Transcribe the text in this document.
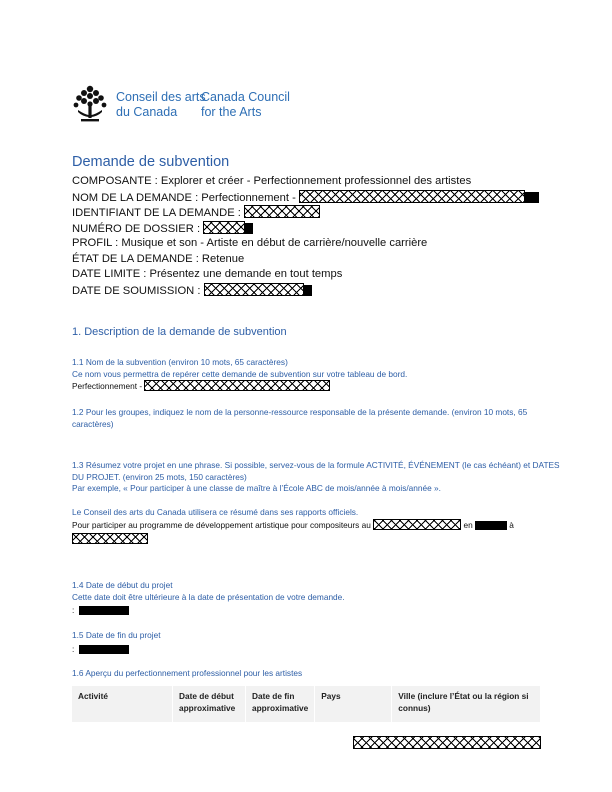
Conseil des arts
du Canada
Canada Council
for the Arts
Demande de subvention
COMPOSANTE : Explorer et créer - Perfectionnement professionnel des artistes
NOM DE LA DEMANDE : Perfectionnement -
IDENTIFIANT DE LA DEMANDE :
NUMÉRO DE DOSSIER :
PROFIL : Musique et son - Artiste en début de carrière/nouvelle carrière
ÉTAT DE LA DEMANDE : Retenue
DATE LIMITE : Présentez une demande en tout temps
DATE DE SOUMISSION :
1. Description de la demande de subvention
1.1 Nom de la subvention (environ 10 mots, 65 caractères)
Ce nom vous permettra de repérer cette demande de subvention sur votre tableau de bord.
Perfectionnement -
1.2 Pour les groupes, indiquez le nom de la personne-ressource responsable de la présente demande. (environ 10 mots, 65
caractères)
1.3 Résumez votre projet en une phrase. Si possible, servez-vous de la formule ACTIVITÉ, ÉVÉNEMENT (le cas échéant) et DATES
DU PROJET. (environ 25 mots, 150 caractères)
Par exemple, « Pour participer à une classe de maître à l’École ABC de mois/année à mois/année ».
Le Conseil des arts du Canada utilisera ce résumé dans ses rapports officiels.
Pour participer au programme de développement artistique pour compositeurs au	en	à
1.4 Date de début du projet
Cette date doit être ultérieure à la date de présentation de votre demande.
:
1.5 Date de fin du projet
:
1.6 Aperçu du perfectionnement professionnel pour les artistes
Activité	Date de début approximative	Date de fin approximative	Pays	Ville (inclure l’État ou la région si connus)
